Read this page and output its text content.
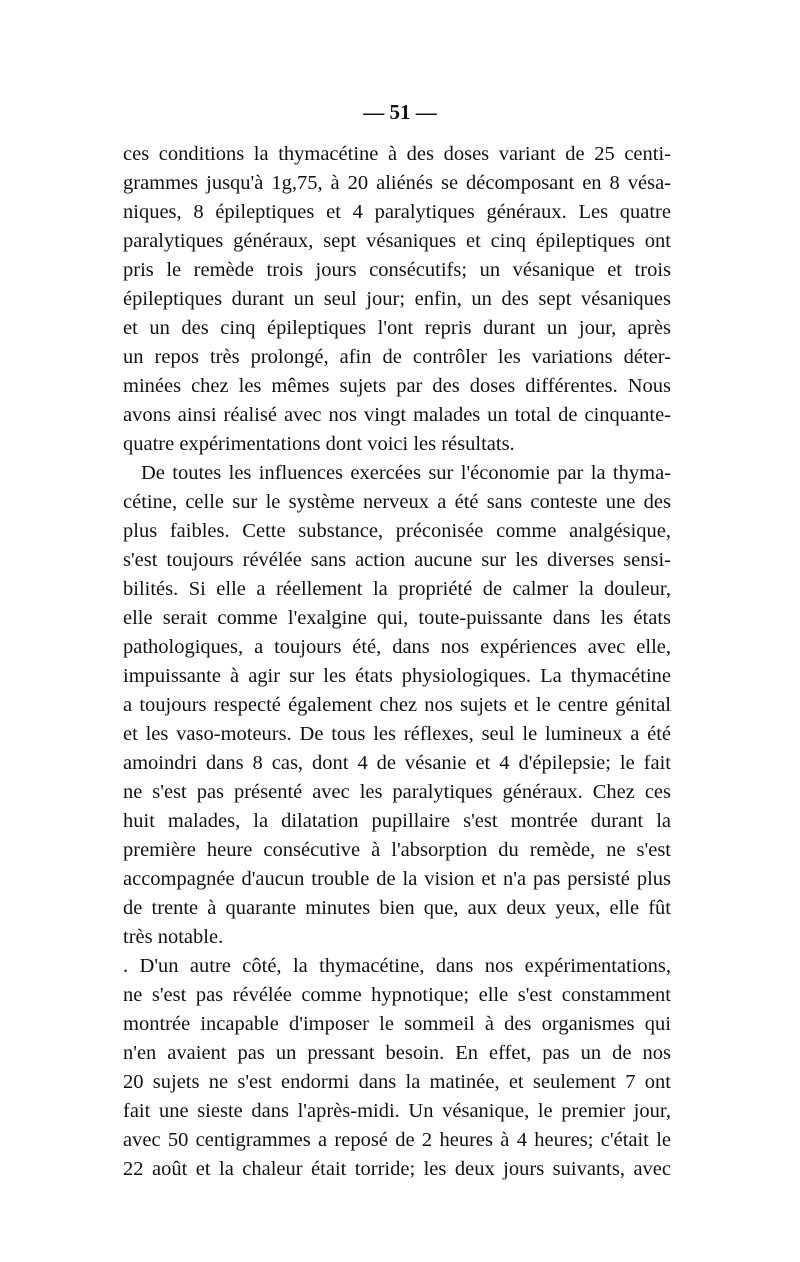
— 51 —
ces conditions la thymacétine à des doses variant de 25 centi-
grammes jusqu'à 1g,75, à 20 aliénés se décomposant en 8 vésa-
niques, 8 épileptiques et 4 paralytiques généraux. Les quatre
paralytiques généraux, sept vésaniques et cinq épileptiques ont
pris le remède trois jours consécutifs; un vésanique et trois
épileptiques durant un seul jour; enfin, un des sept vésaniques
et un des cinq épileptiques l'ont repris durant un jour, après
un repos très prolongé, afin de contrôler les variations déter-
minées chez les mêmes sujets par des doses différentes. Nous
avons ainsi réalisé avec nos vingt malades un total de cinquante-
quatre expérimentations dont voici les résultats.
De toutes les influences exercées sur l'économie par la thyma-
cétine, celle sur le système nerveux a été sans conteste une des
plus faibles. Cette substance, préconisée comme analgésique,
s'est toujours révélée sans action aucune sur les diverses sensi-
bilités. Si elle a réellement la propriété de calmer la douleur,
elle serait comme l'exalgine qui, toute-puissante dans les états
pathologiques, a toujours été, dans nos expériences avec elle,
impuissante à agir sur les états physiologiques. La thymacétine
a toujours respecté également chez nos sujets et le centre génital
et les vaso-moteurs. De tous les réflexes, seul le lumineux a été
amoindri dans 8 cas, dont 4 de vésanie et 4 d'épilepsie; le fait
ne s'est pas présenté avec les paralytiques généraux. Chez ces
huit malades, la dilatation pupillaire s'est montrée durant la
première heure consécutive à l'absorption du remède, ne s'est
accompagnée d'aucun trouble de la vision et n'a pas persisté plus
de trente à quarante minutes bien que, aux deux yeux, elle fût
très notable.
. D'un autre côté, la thymacétine, dans nos expérimentations,
ne s'est pas révélée comme hypnotique; elle s'est constamment
montrée incapable d'imposer le sommeil à des organismes qui
n'en avaient pas un pressant besoin. En effet, pas un de nos
20 sujets ne s'est endormi dans la matinée, et seulement 7 ont
fait une sieste dans l'après-midi. Un vésanique, le premier jour,
avec 50 centigrammes a reposé de 2 heures à 4 heures; c'était le
22 août et la chaleur était torride; les deux jours suivants, avec
